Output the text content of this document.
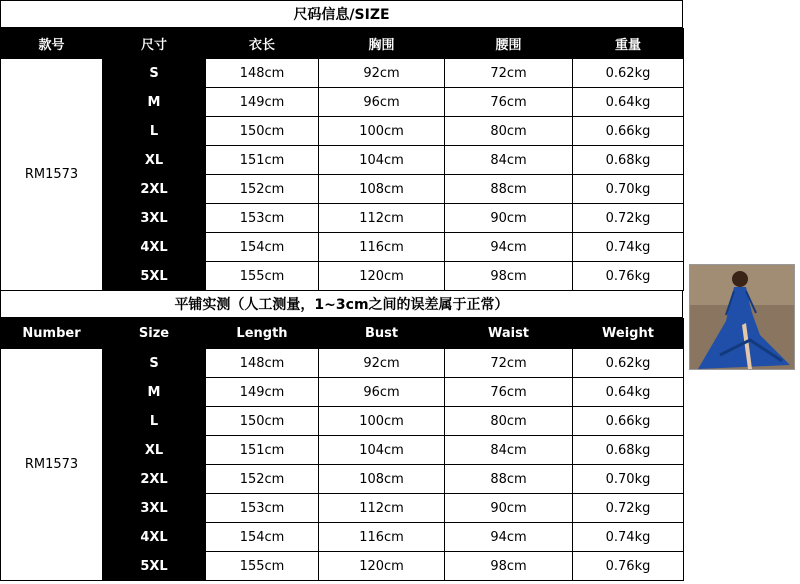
尺码信息/SIZE
款号	尺寸	衣长	胸围	腰围	重量
RM1573	S	148cm	92cm	72cm	0.62kg
	M	149cm	96cm	76cm	0.64kg
	L	150cm	100cm	80cm	0.66kg
	XL	151cm	104cm	84cm	0.68kg
	2XL	152cm	108cm	88cm	0.70kg
	3XL	153cm	112cm	90cm	0.72kg
	4XL	154cm	116cm	94cm	0.74kg
	5XL	155cm	120cm	98cm	0.76kg
平铺实测（人工测量，1~3cm之间的误差属于正常）
Number	Size	Length	Bust	Waist	Weight
RM1573	S	148cm	92cm	72cm	0.62kg
	M	149cm	96cm	76cm	0.64kg
	L	150cm	100cm	80cm	0.66kg
	XL	151cm	104cm	84cm	0.68kg
	2XL	152cm	108cm	88cm	0.70kg
	3XL	153cm	112cm	90cm	0.72kg
	4XL	154cm	116cm	94cm	0.74kg
	5XL	155cm	120cm	98cm	0.76kg
